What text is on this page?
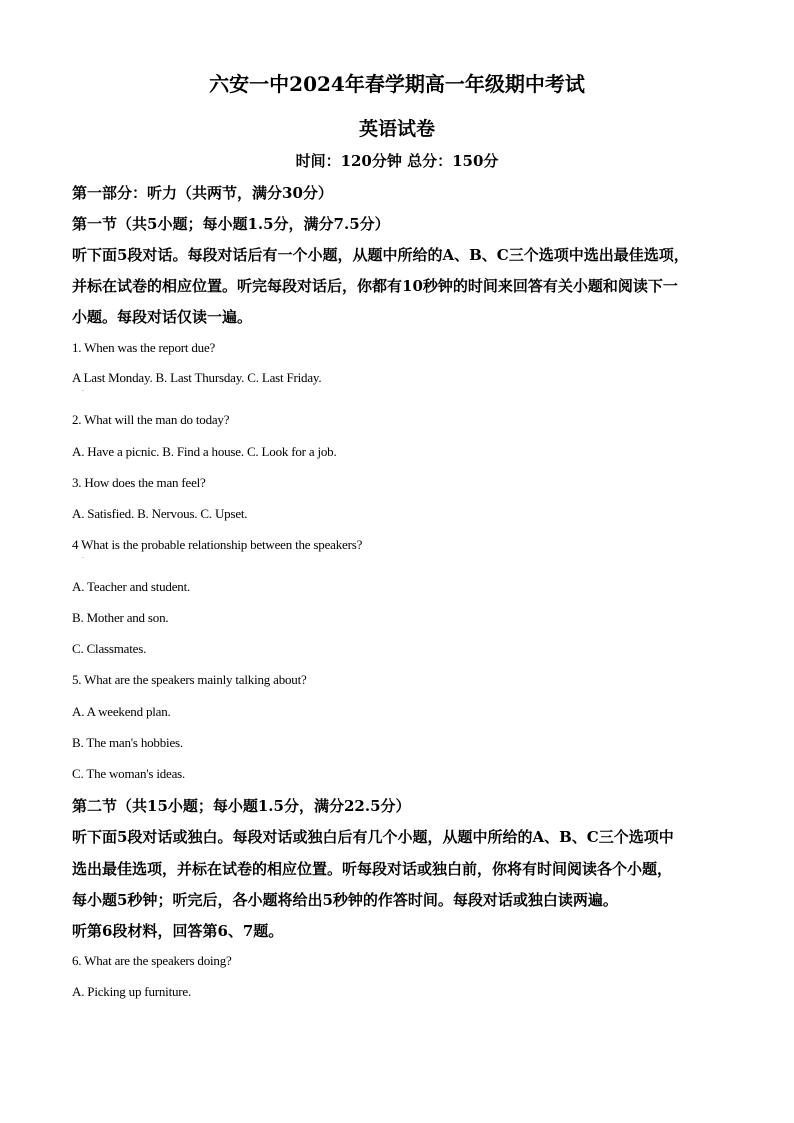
六安一中2024年春学期高一年级期中考试
英语试卷
时间：120分钟 总分：150分
第一部分：听力（共两节，满分30分）
第一节（共5小题；每小题1.5分，满分7.5分）
听下面5段对话。每段对话后有一个小题，从题中所给的A、B、C三个选项中选出最佳选项，
并标在试卷的相应位置。听完每段对话后，你都有10秒钟的时间来回答有关小题和阅读下一
小题。每段对话仅读一遍。
1. When was the report due?
A Last Monday. B. Last Thursday. C. Last Friday.
·
2. What will the man do today?
A. Have a picnic. B. Find a house. C. Look for a job.
3. How does the man feel?
A. Satisfied. B. Nervous. C. Upset.
4 What is the probable relationship between the speakers?
·
A. Teacher and student.
B. Mother and son.
C. Classmates.
5. What are the speakers mainly talking about?
A. A weekend plan.
B. The man's hobbies.
C. The woman's ideas.
第二节（共15小题；每小题1.5分，满分22.5分）
听下面5段对话或独白。每段对话或独白后有几个小题，从题中所给的A、B、C三个选项中
选出最佳选项，并标在试卷的相应位置。听每段对话或独白前，你将有时间阅读各个小题，
每小题5秒钟；听完后，各小题将给出5秒钟的作答时间。每段对话或独白读两遍。
听第6段材料，回答第6、7题。
6. What are the speakers doing?
A. Picking up furniture.
